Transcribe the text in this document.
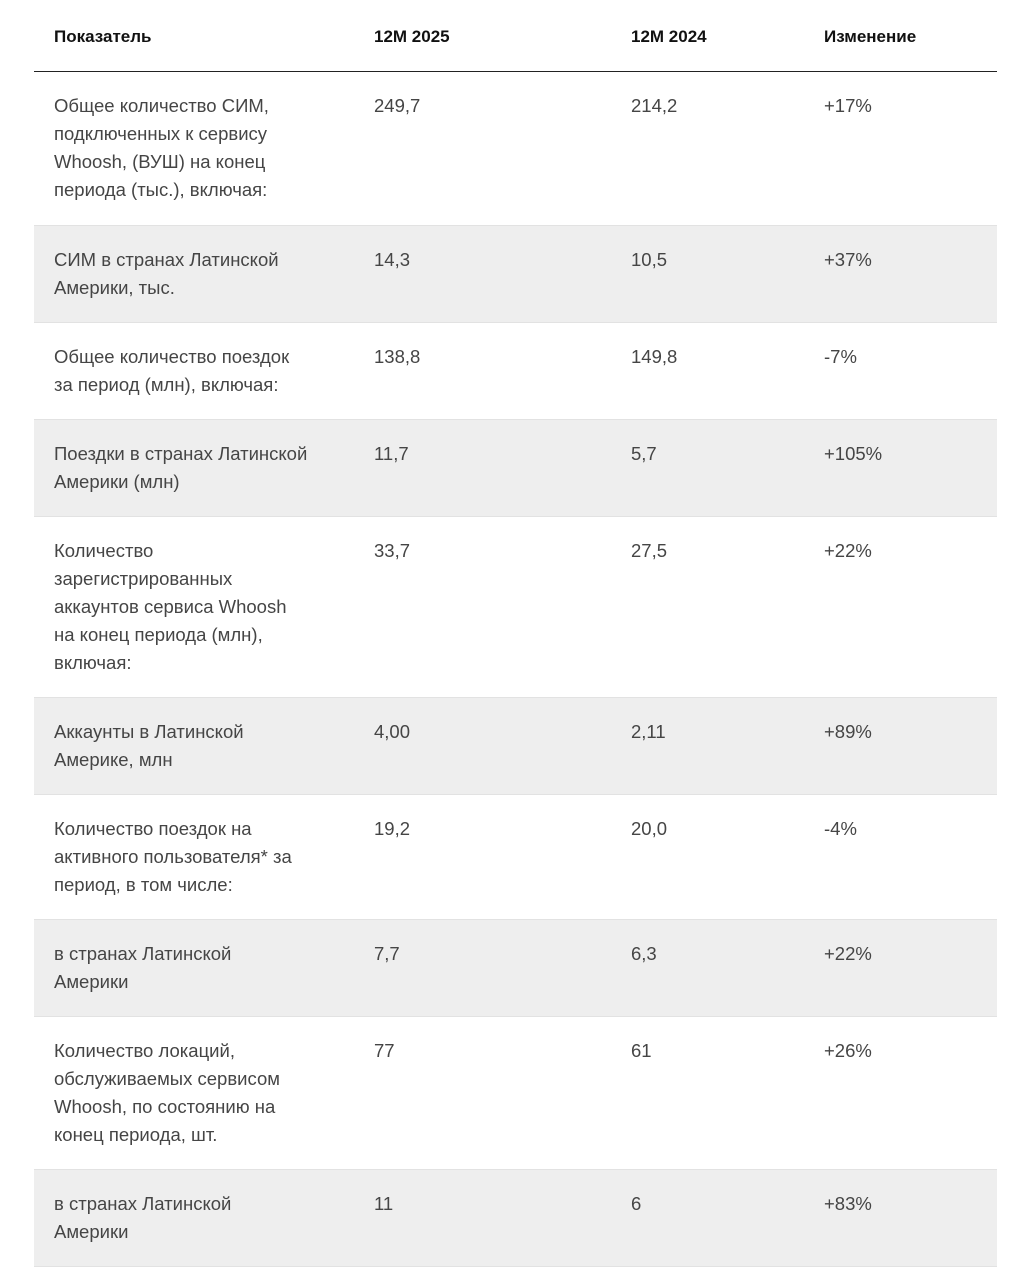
Показатель	12M 2025	12M 2024	Изменение
Общее количество СИМ,
подключенных к сервису
Whoosh, (ВУШ) на конец
периода (тыс.), включая:
249,7	214,2	+17%
СИМ в странах Латинской
Америки, тыс.
14,3	10,5	+37%
Общее количество поездок
за период (млн), включая:
138,8	149,8	-7%
Поездки в странах Латинской
Америки (млн)
11,7	5,7	+105%
Количество
зарегистрированных
аккаунтов сервиса Whoosh
на конец периода (млн),
включая:
33,7	27,5	+22%
Аккаунты в Латинской
Америке, млн
4,00	2,11	+89%
Количество поездок на
активного пользователя* за
период, в том числе:
19,2	20,0	-4%
в странах Латинской
Америки
7,7	6,3	+22%
Количество локаций,
обслуживаемых сервисом
Whoosh, по состоянию на
конец периода, шт.
77	61	+26%
в странах Латинской
Америки
11	6	+83%
